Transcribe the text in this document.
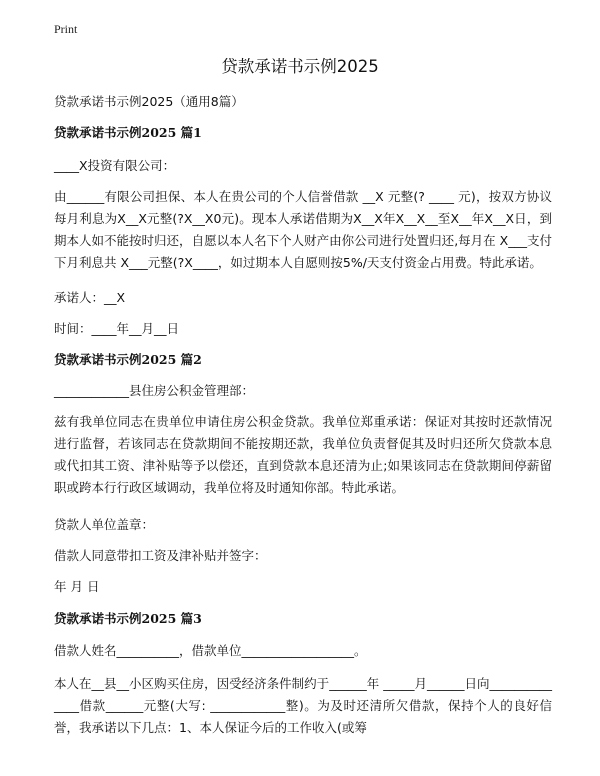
Print
贷款承诺书示例2025
贷款承诺书示例2025（通用8篇）
贷款承诺书示例2025 篇1
____X投资有限公司：
由______有限公司担保、本人在贵公司的个人信誉借款 __X 元整(? ____ 元)，按双方协议每月利息为X__X元整(?X__X0元)。现本人承诺借期为X__X年X__X__至X__年X__X日，到期本人如不能按时归还，自愿以本人名下个人财产由你公司进行处置归还,每月在 X___支付下月利息共 X___元整(?X____，如过期本人自愿则按5%/天支付资金占用费。特此承诺。
承诺人：__X
时间：____年__月__日
贷款承诺书示例2025 篇2
____________县住房公积金管理部：
兹有我单位同志在贵单位申请住房公积金贷款。我单位郑重承诺：保证对其按时还款情况进行监督，若该同志在贷款期间不能按期还款，我单位负责督促其及时归还所欠贷款本息或代扣其工资、津补贴等予以偿还，直到贷款本息还清为止;如果该同志在贷款期间停薪留职或跨本行行政区域调动，我单位将及时通知你部。特此承诺。
贷款人单位盖章：
借款人同意带扣工资及津补贴并签字：
年 月 日
贷款承诺书示例2025 篇3
借款人姓名__________，借款单位__________________。
本人在__县__小区购买住房，因受经济条件制约于______年 _____月______日向______________借款______元整(大写: ____________整)。为及时还清所欠借款，保持个人的良好信誉，我承诺以下几点：1、本人保证今后的工作收入(或筹
